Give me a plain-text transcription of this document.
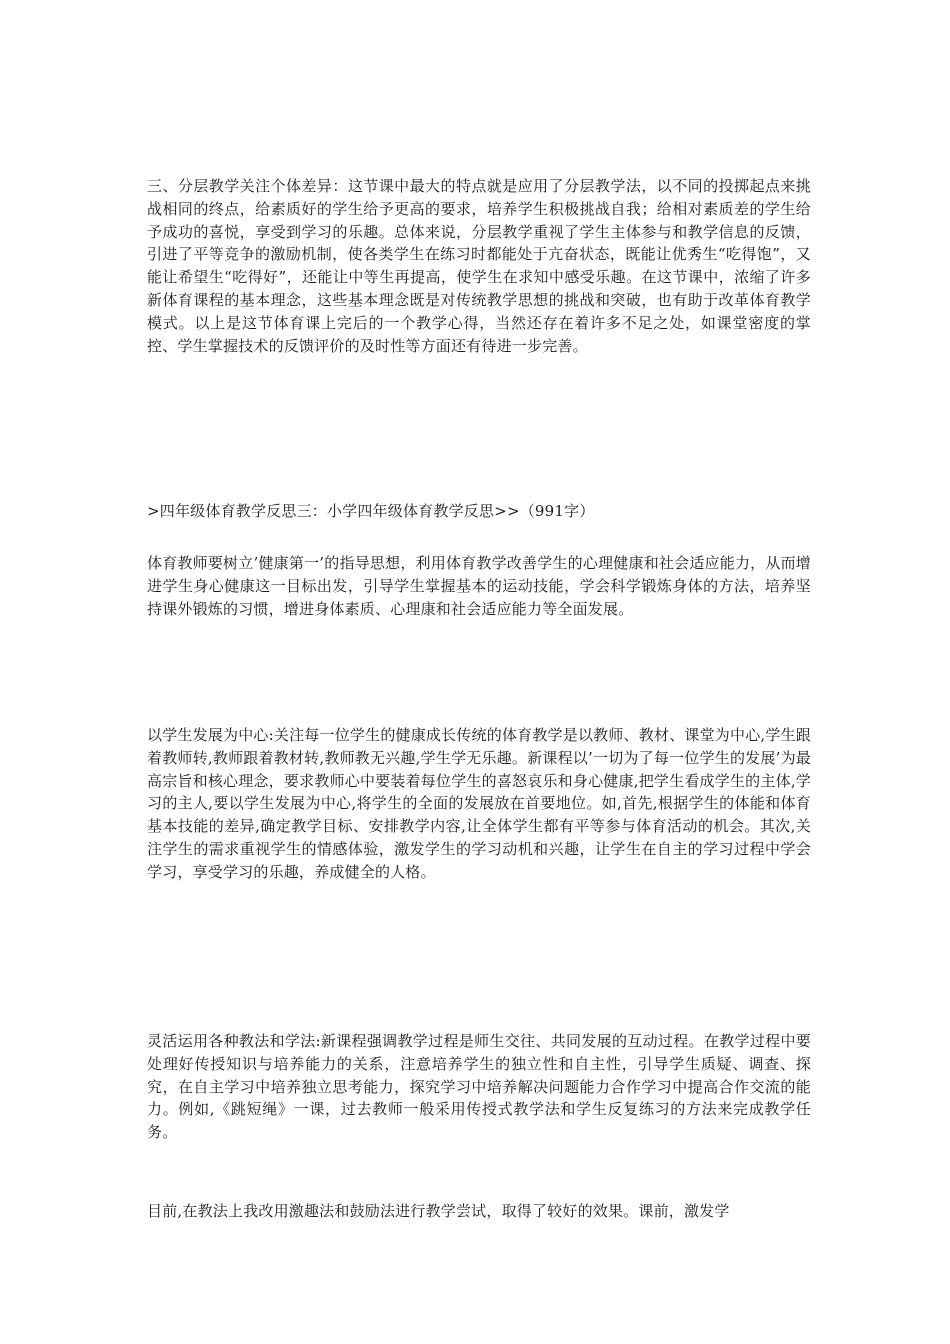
三、分层教学关注个体差异：这节课中最大的特点就是应用了分层教学法，以不同的投掷起点来挑战相同的终点，给素质好的学生给予更高的要求，培养学生积极挑战自我；给相对素质差的学生给予成功的喜悦，享受到学习的乐趣。总体来说，分层教学重视了学生主体参与和教学信息的反馈，引进了平等竞争的激励机制，使各类学生在练习时都能处于亢奋状态，既能让优秀生“吃得饱”，又能让希望生“吃得好”，还能让中等生再提高，使学生在求知中感受乐趣。在这节课中，浓缩了许多新体育课程的基本理念，这些基本理念既是对传统教学思想的挑战和突破，也有助于改革体育教学模式。以上是这节体育课上完后的一个教学心得，当然还存在着许多不足之处，如课堂密度的掌控、学生掌握技术的反馈评价的及时性等方面还有待进一步完善。

>四年级体育教学反思三：小学四年级体育教学反思>>（991字）

体育教师要树立’健康第一’的指导思想，利用体育教学改善学生的心理健康和社会适应能力，从而增进学生身心健康这一目标出发，引导学生掌握基本的运动技能，学会科学锻炼身体的方法，培养坚持课外锻炼的习惯，增进身体素质、心理康和社会适应能力等全面发展。

以学生发展为中心:关注每一位学生的健康成长传统的体育教学是以教师、教材、课堂为中心,学生跟着教师转,教师跟着教材转,教师教无兴趣,学生学无乐趣。新课程以’一切为了每一位学生的发展’为最高宗旨和核心理念，要求教师心中要装着每位学生的喜怒哀乐和身心健康,把学生看成学生的主体,学习的主人,要以学生发展为中心,将学生的全面的发展放在首要地位。如,首先,根据学生的体能和体育基本技能的差异,确定教学目标、安排教学内容,让全体学生都有平等参与体育活动的机会。其次,关注学生的需求重视学生的情感体验，激发学生的学习动机和兴趣，让学生在自主的学习过程中学会学习，享受学习的乐趣，养成健全的人格。

灵活运用各种教法和学法:新课程强调教学过程是师生交往、共同发展的互动过程。在教学过程中要处理好传授知识与培养能力的关系，注意培养学生的独立性和自主性，引导学生质疑、调查、探究，在自主学习中培养独立思考能力，探究学习中培养解决问题能力合作学习中提高合作交流的能力。例如,《跳短绳》一课，过去教师一般采用传授式教学法和学生反复练习的方法来完成教学任务。

目前,在教法上我改用激趣法和鼓励法进行教学尝试，取得了较好的效果。课前，激发学
